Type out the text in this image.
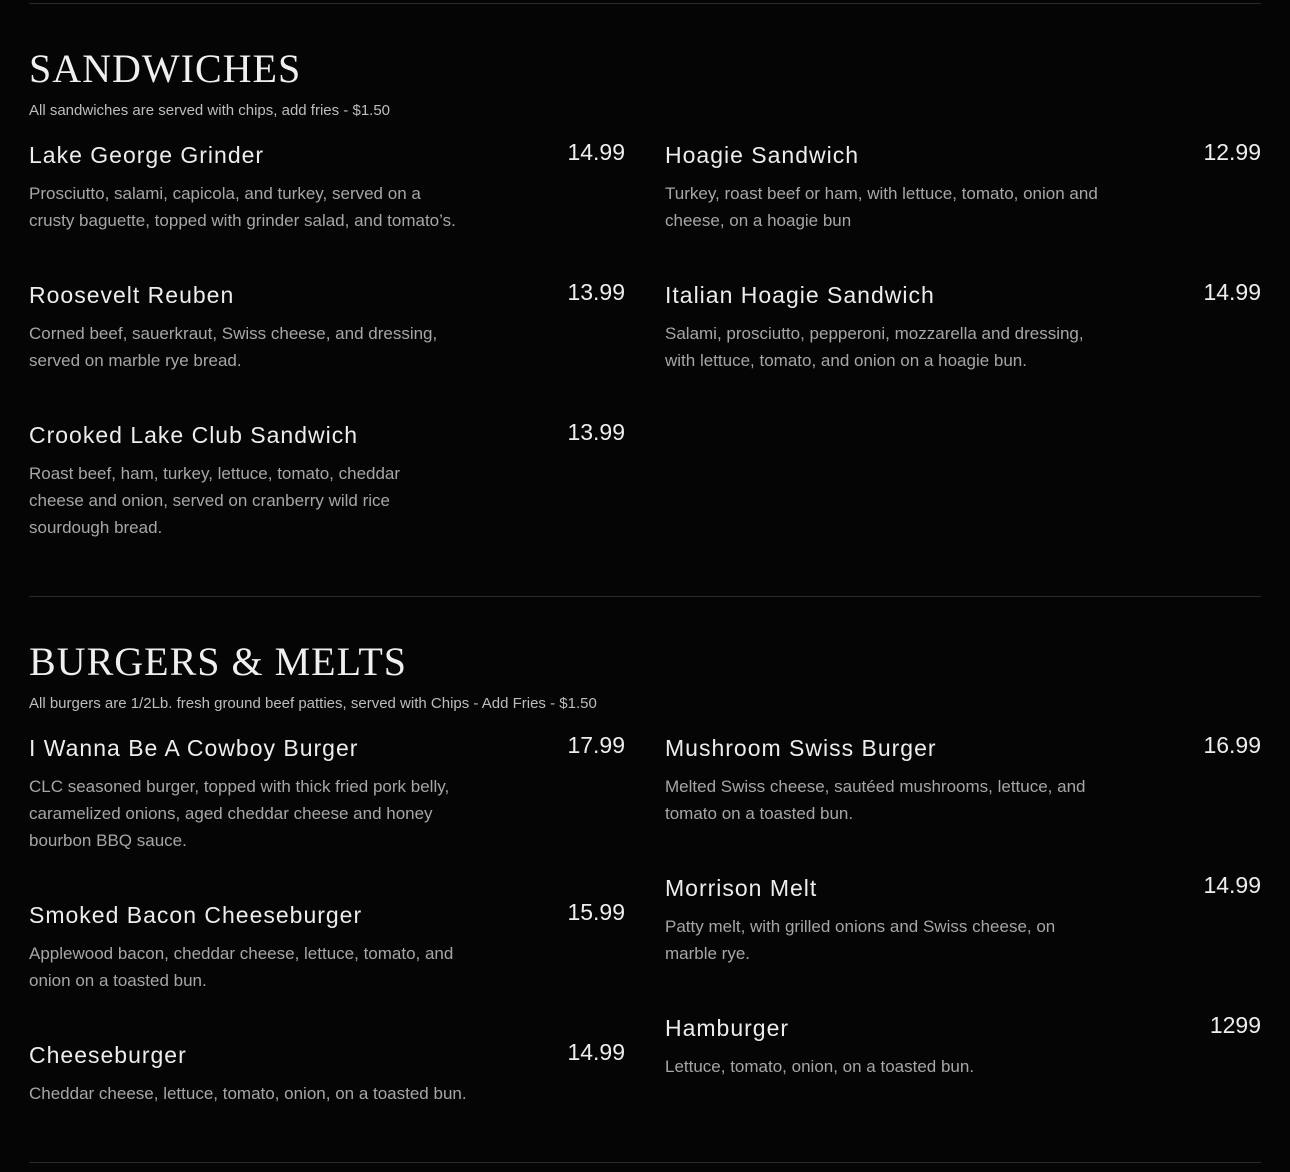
SANDWICHES
All sandwiches are served with chips, add fries - $1.50
Lake George Grinder	14.99
Prosciutto, salami, capicola, and turkey, served on a crusty baguette, topped with grinder salad, and tomato’s.
Hoagie Sandwich	12.99
Turkey, roast beef or ham, with lettuce, tomato, onion and cheese, on a hoagie bun
Roosevelt Reuben	13.99
Corned beef, sauerkraut, Swiss cheese, and dressing, served on marble rye bread.
Italian Hoagie Sandwich	14.99
Salami, prosciutto, pepperoni, mozzarella and dressing, with lettuce, tomato, and onion on a hoagie bun.
Crooked Lake Club Sandwich	13.99
Roast beef, ham, turkey, lettuce, tomato, cheddar cheese and onion, served on cranberry wild rice sourdough bread.
BURGERS & MELTS
All burgers are 1/2Lb. fresh ground beef patties, served with Chips - Add Fries - $1.50
I Wanna Be A Cowboy Burger	17.99
CLC seasoned burger, topped with thick fried pork belly, caramelized onions, aged cheddar cheese and honey bourbon BBQ sauce.
Mushroom Swiss Burger	16.99
Melted Swiss cheese, sautéed mushrooms, lettuce, and tomato on a toasted bun.
Smoked Bacon Cheeseburger	15.99
Applewood bacon, cheddar cheese, lettuce, tomato, and onion on a toasted bun.
Morrison Melt	14.99
Patty melt, with grilled onions and Swiss cheese, on marble rye.
Cheeseburger	14.99
Cheddar cheese, lettuce, tomato, onion, on a toasted bun.
Hamburger	1299
Lettuce, tomato, onion, on a toasted bun.
